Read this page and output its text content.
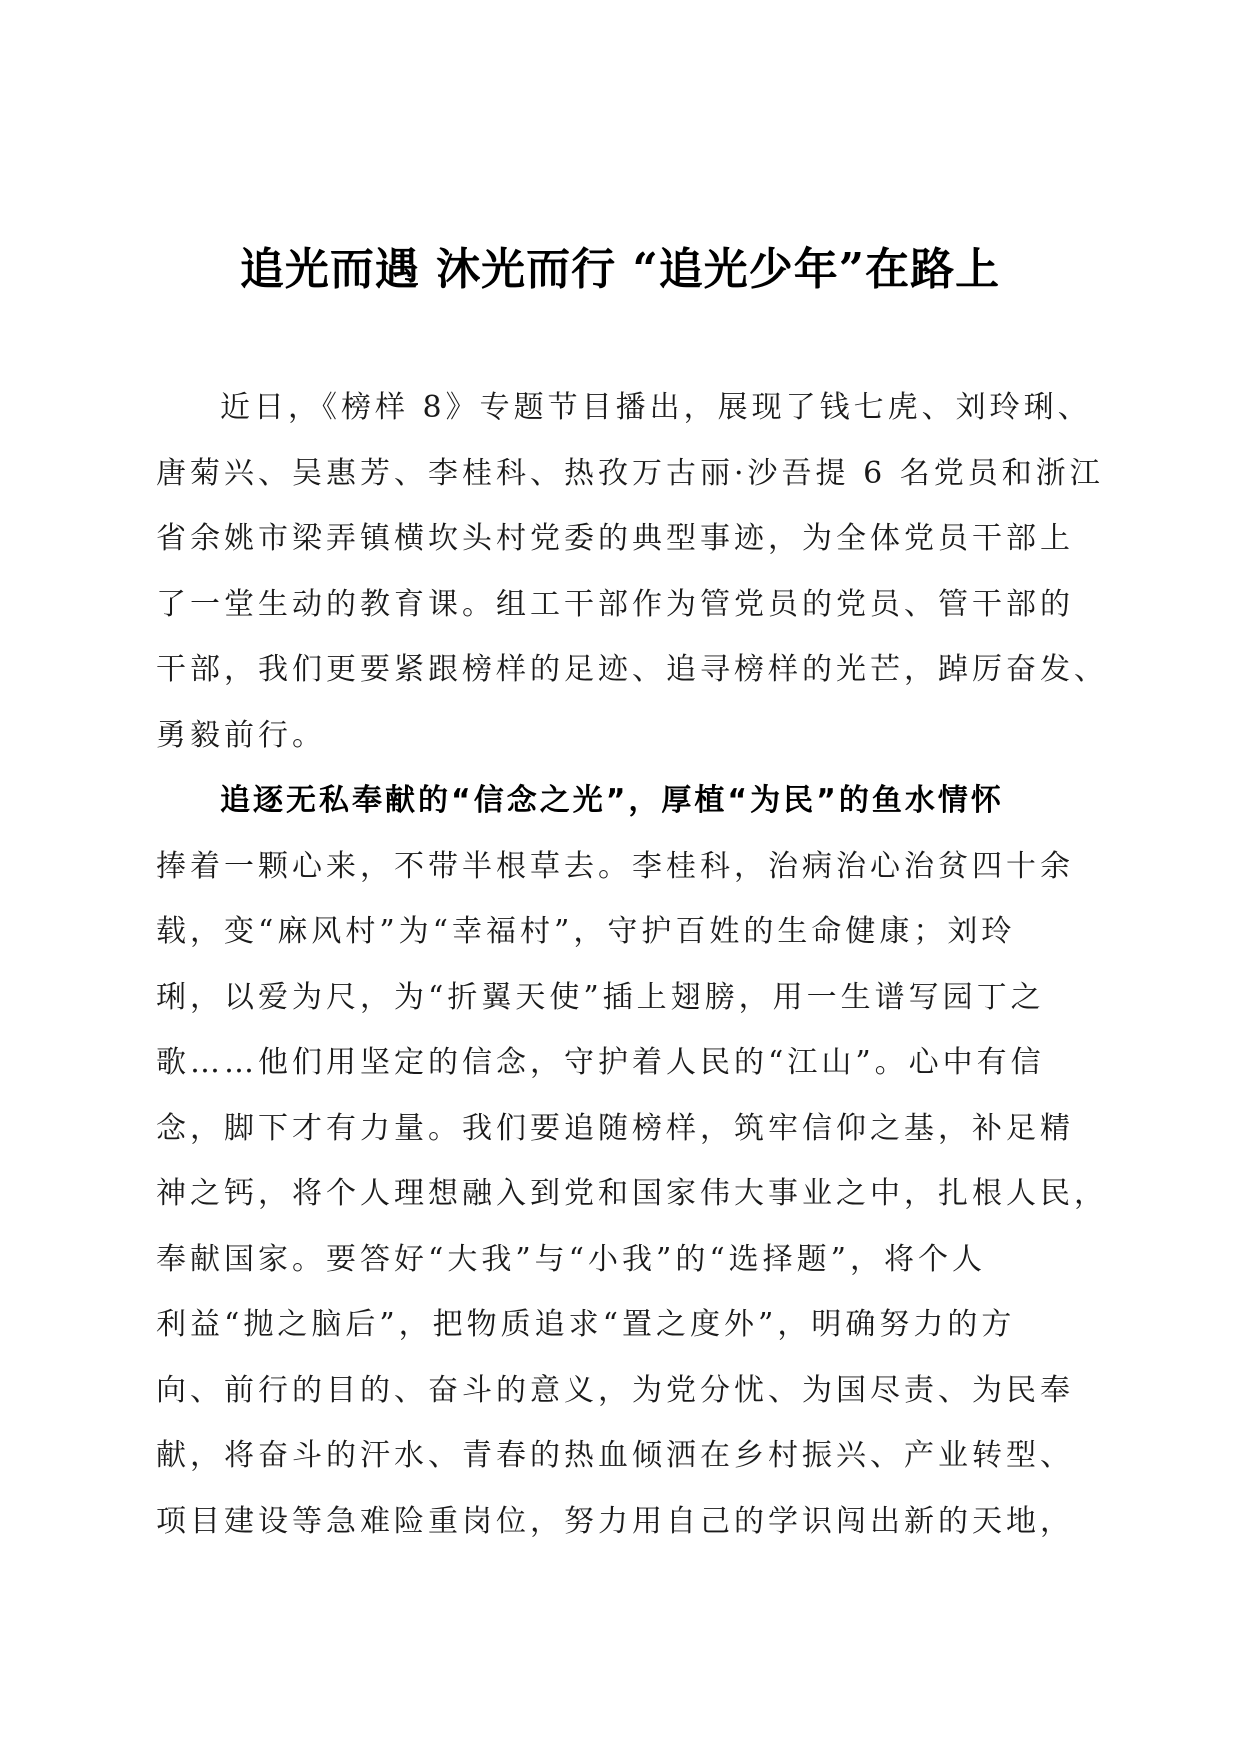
追光而遇 沐光而行 “追光少年”在路上
近日，《榜样 8》专题节目播出，展现了钱七虎、刘玲琍、
唐菊兴、吴惠芳、李桂科、热孜万古丽·沙吾提 6 名党员和浙江
省余姚市梁弄镇横坎头村党委的典型事迹，为全体党员干部上
了一堂生动的教育课。组工干部作为管党员的党员、管干部的
干部，我们更要紧跟榜样的足迹、追寻榜样的光芒，踔厉奋发、
勇毅前行。
追逐无私奉献的“信念之光”，厚植“为民”的鱼水情怀
捧着一颗心来，不带半根草去。李桂科，治病治心治贫四十余
载，变“麻风村”为“幸福村”，守护百姓的生命健康；刘玲
琍，以爱为尺，为“折翼天使”插上翅膀，用一生谱写园丁之
歌……他们用坚定的信念，守护着人民的“江山”。心中有信
念，脚下才有力量。我们要追随榜样，筑牢信仰之基，补足精
神之钙，将个人理想融入到党和国家伟大事业之中，扎根人民，
奉献国家。要答好“大我”与“小我”的“选择题”，将个人
利益“抛之脑后”，把物质追求“置之度外”，明确努力的方
向、前行的目的、奋斗的意义，为党分忧、为国尽责、为民奉
献，将奋斗的汗水、青春的热血倾洒在乡村振兴、产业转型、
项目建设等急难险重岗位，努力用自己的学识闯出新的天地，
